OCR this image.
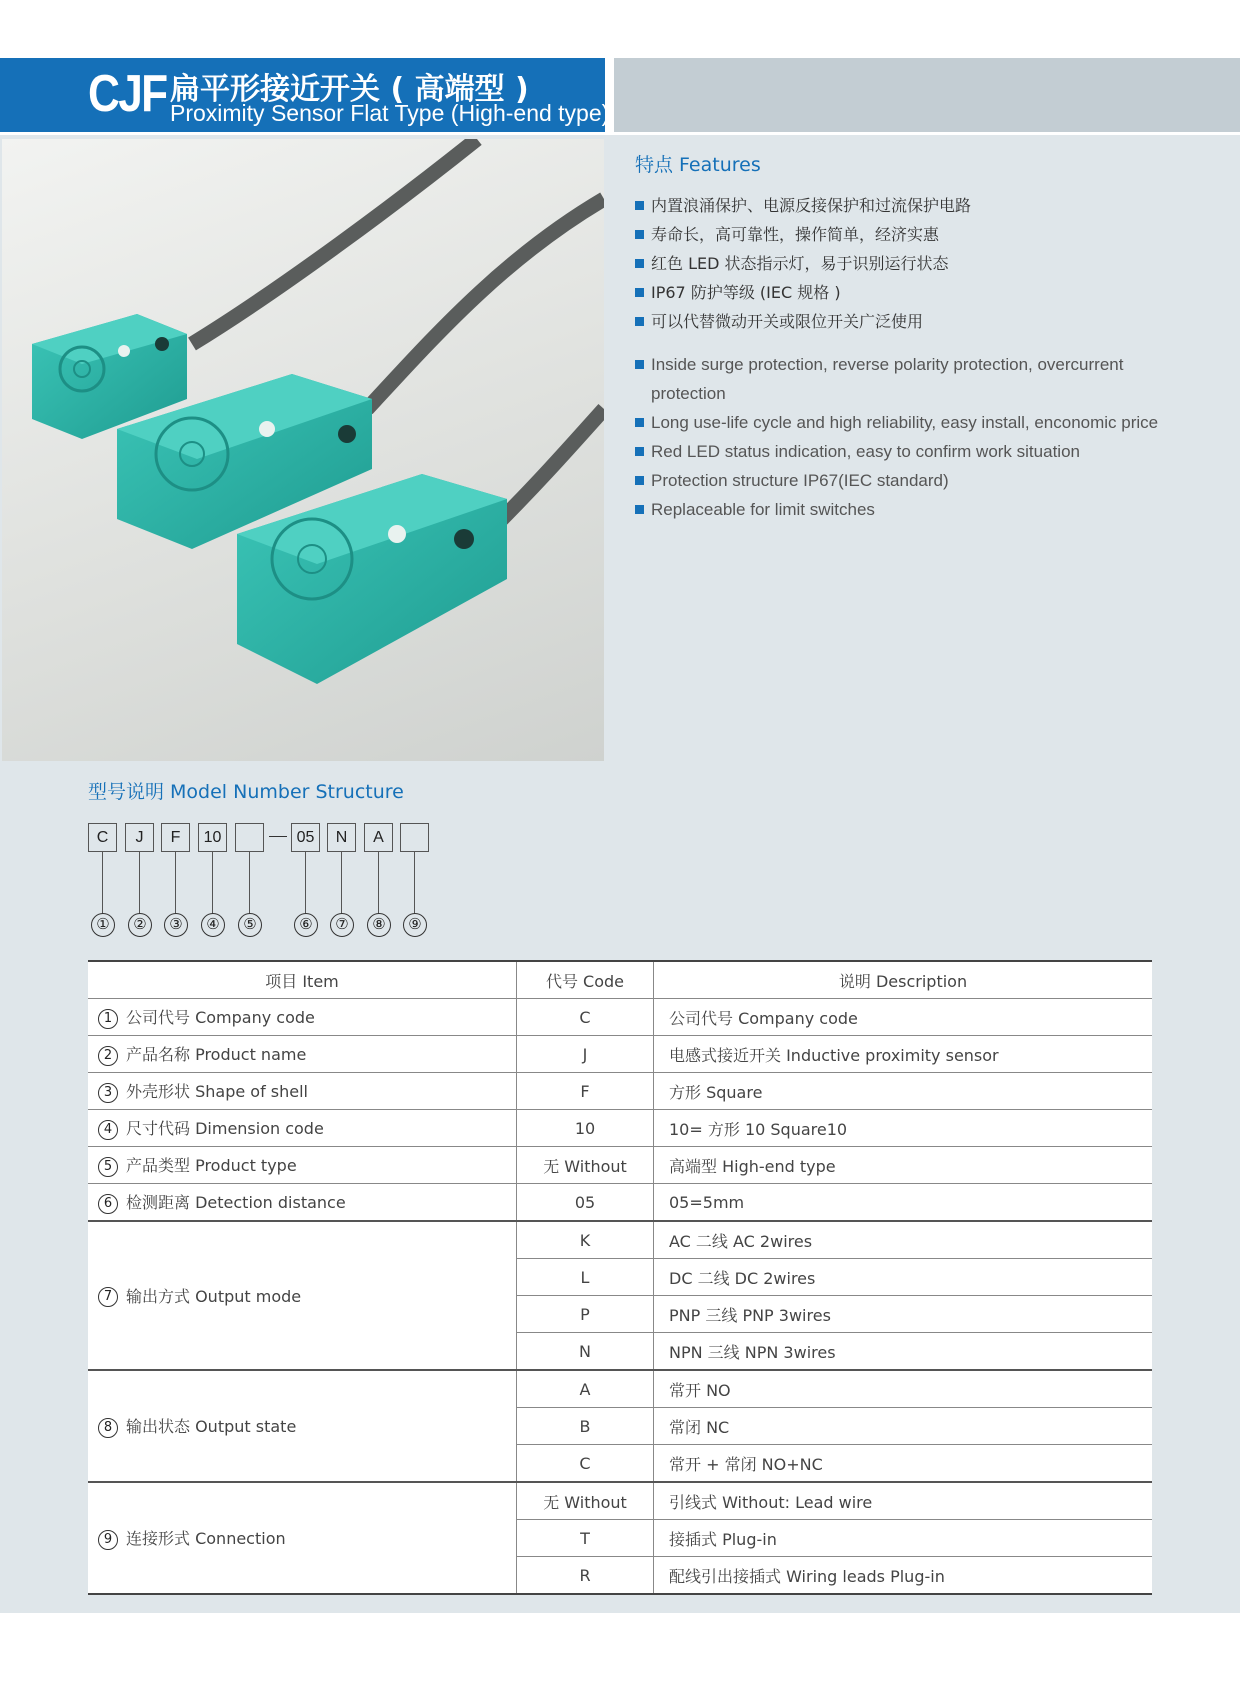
CJF 扁平形接近开关 ( 高端型 )
Proximity Sensor Flat Type (High-end type)
特点 Features
内置浪涌保护、电源反接保护和过流保护电路
寿命长，高可靠性，操作简单，经济实惠
红色 LED 状态指示灯，易于识别运行状态
IP67 防护等级 (IEC 规格 )
可以代替微动开关或限位开关广泛使用
Inside surge protection, reverse polarity protection, overcurrent protection
Long use-life cycle and high reliability, easy install, enconomic price
Red LED status indication, easy to confirm work situation
Protection structure IP67(IEC standard)
Replaceable for limit switches
型号说明 Model Number Structure
C	J	F	10	05	N	A
①	②	③	④	⑤	⑥	⑦	⑧	⑨
项目 Item	代号 Code	说明 Description
1 公司代号 Company code	C	公司代号 Company code
2 产品名称 Product name	J	电感式接近开关 Inductive proximity sensor
3 外壳形状 Shape of shell	F	方形 Square
4 尺寸代码 Dimension code	10	10= 方形 10 Square10
5 产品类型 Product type	无 Without	高端型 High-end type
6 检测距离 Detection distance	05	05=5mm
7 输出方式 Output mode	K	AC 二线 AC 2wires
	L	DC 二线 DC 2wires
	P	PNP 三线 PNP 3wires
	N	NPN 三线 NPN 3wires
8 输出状态 Output state	A	常开 NO
	B	常闭 NC
	C	常开 + 常闭 NO+NC
9 连接形式 Connection	无 Without	引线式 Without: Lead wire
	T	接插式 Plug-in
	R	配线引出接插式 Wiring leads Plug-in
